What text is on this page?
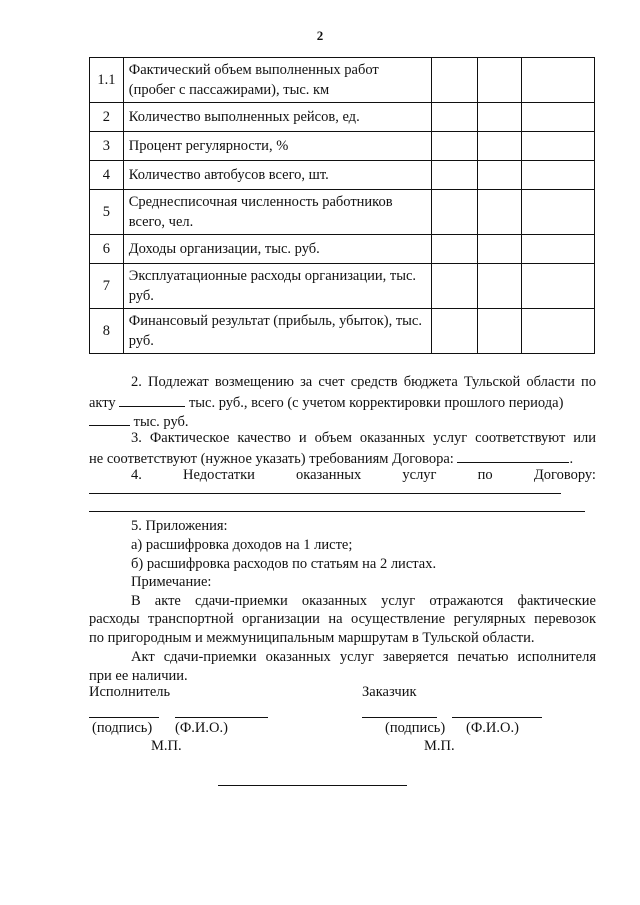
2
1.1	Фактический объем выполненных работ (пробег с пассажирами), тыс. км			
2	Количество выполненных рейсов, ед.			
3	Процент регулярности, %			
4	Количество автобусов всего, шт.			
5	Среднесписочная численность работников всего, чел.			
6	Доходы организации, тыс. руб.			
7	Эксплуатационные расходы организации, тыс. руб.			
8	Финансовый результат (прибыль, убыток), тыс. руб.			
2. Подлежат возмещению за счет средств бюджета Тульской области по
акту	тыс. руб., всего (с учетом корректировки прошлого периода)
тыс. руб.
3. Фактическое качество и объем оказанных услуг соответствуют или
не соответствуют (нужное указать) требованиям Договора:	.
4.	Недостатки	оказанных	услуг	по	Договору:
5. Приложения:
а) расшифровка доходов на 1 листе;
б) расшифровка расходов по статьям на 2 листах.
Примечание:
В акте сдачи-приемки оказанных услуг отражаются фактические
расходы транспортной организации на осуществление регулярных перевозок
по пригородным и межмуниципальным маршрутам в Тульской области.
Акт сдачи-приемки оказанных услуг заверяется печатью исполнителя
при ее наличии.
Исполнитель	Заказчик
(подпись) (Ф.И.О.)	(подпись) (Ф.И.О.)
М.П.	М.П.
